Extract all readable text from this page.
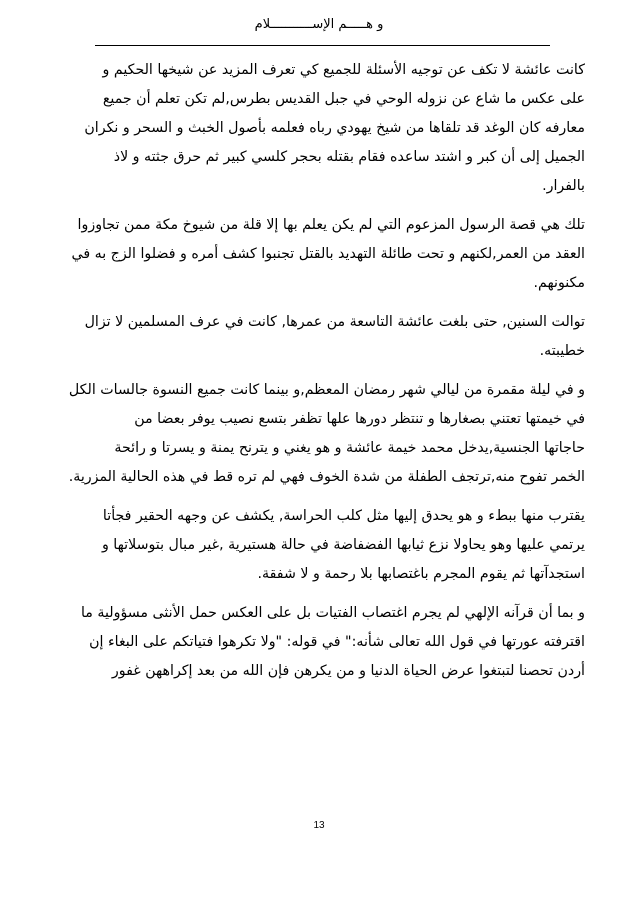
و هـــــم الإســـــــــــلام
كانت عائشة لا تكف عن توجيه الأسئلة للجميع كي تعرف المزيد عن شيخها الحكيم و
على عكس ما شاع عن نزوله الوحي في جبل القديس بطرس,لم تكن تعلم أن جميع
معارفه كان الوغد قد تلقاها من شيخ يهودي رباه فعلمه بأصول الخبث و السحر و نكران
الجميل إلى أن كبر و اشتد ساعده فقام بقتله بحجر كلسي كبير ثم حرق جثته و لاذ
بالفرار.
تلك هي قصة الرسول المزعوم التي لم يكن يعلم بها إلا قلة من شيوخ مكة ممن تجاوزوا
العقد من العمر,لكنهم و تحت طائلة التهديد بالقتل تجنبوا كشف أمره و فضلوا الزج به في
مكنونهم.
توالت السنين, حتى بلغت عائشة التاسعة من عمرها, كانت في عرف المسلمين لا تزال
خطيبته.
و في ليلة مقمرة من ليالي شهر رمضان المعظم,و بينما كانت جميع النسوة جالسات الكل
في خيمتها تعتني بصغارها و تنتظر دورها علها تظفر بتسع نصيب يوفر بعضا من
حاجاتها الجنسية,يدخل محمد خيمة عائشة و هو يغني و يترنح يمنة و يسرتا و رائحة
الخمر تفوح منه,ترتجف الطفلة من شدة الخوف فهي لم تره قط في هذه الحالية المزرية.
يقترب منها ببطء و هو يحدق إليها مثل كلب الحراسة, يكشف عن وجهه الحقير فجأتا
يرتمي عليها وهو يحاولا نزع ثيابها الفضفاضة في حالة هستيرية ,غير مبال بتوسلاتها و
استجدآتها ثم يقوم المجرم باغتصابها بلا رحمة و لا شفقة.
و بما أن قرآنه الإلهي لم يجرم اغتصاب الفتيات بل على العكس حمل الأنثى مسؤولية ما
اقترفته عورتها في قول الله تعالى شأنه:" في قوله: "ولا تكرهوا فتياتكم على البغاء إن
أردن تحصنا لتبتغوا عرض الحياة الدنيا و من يكرهن فإن الله من بعد إكراههن غفور
13
